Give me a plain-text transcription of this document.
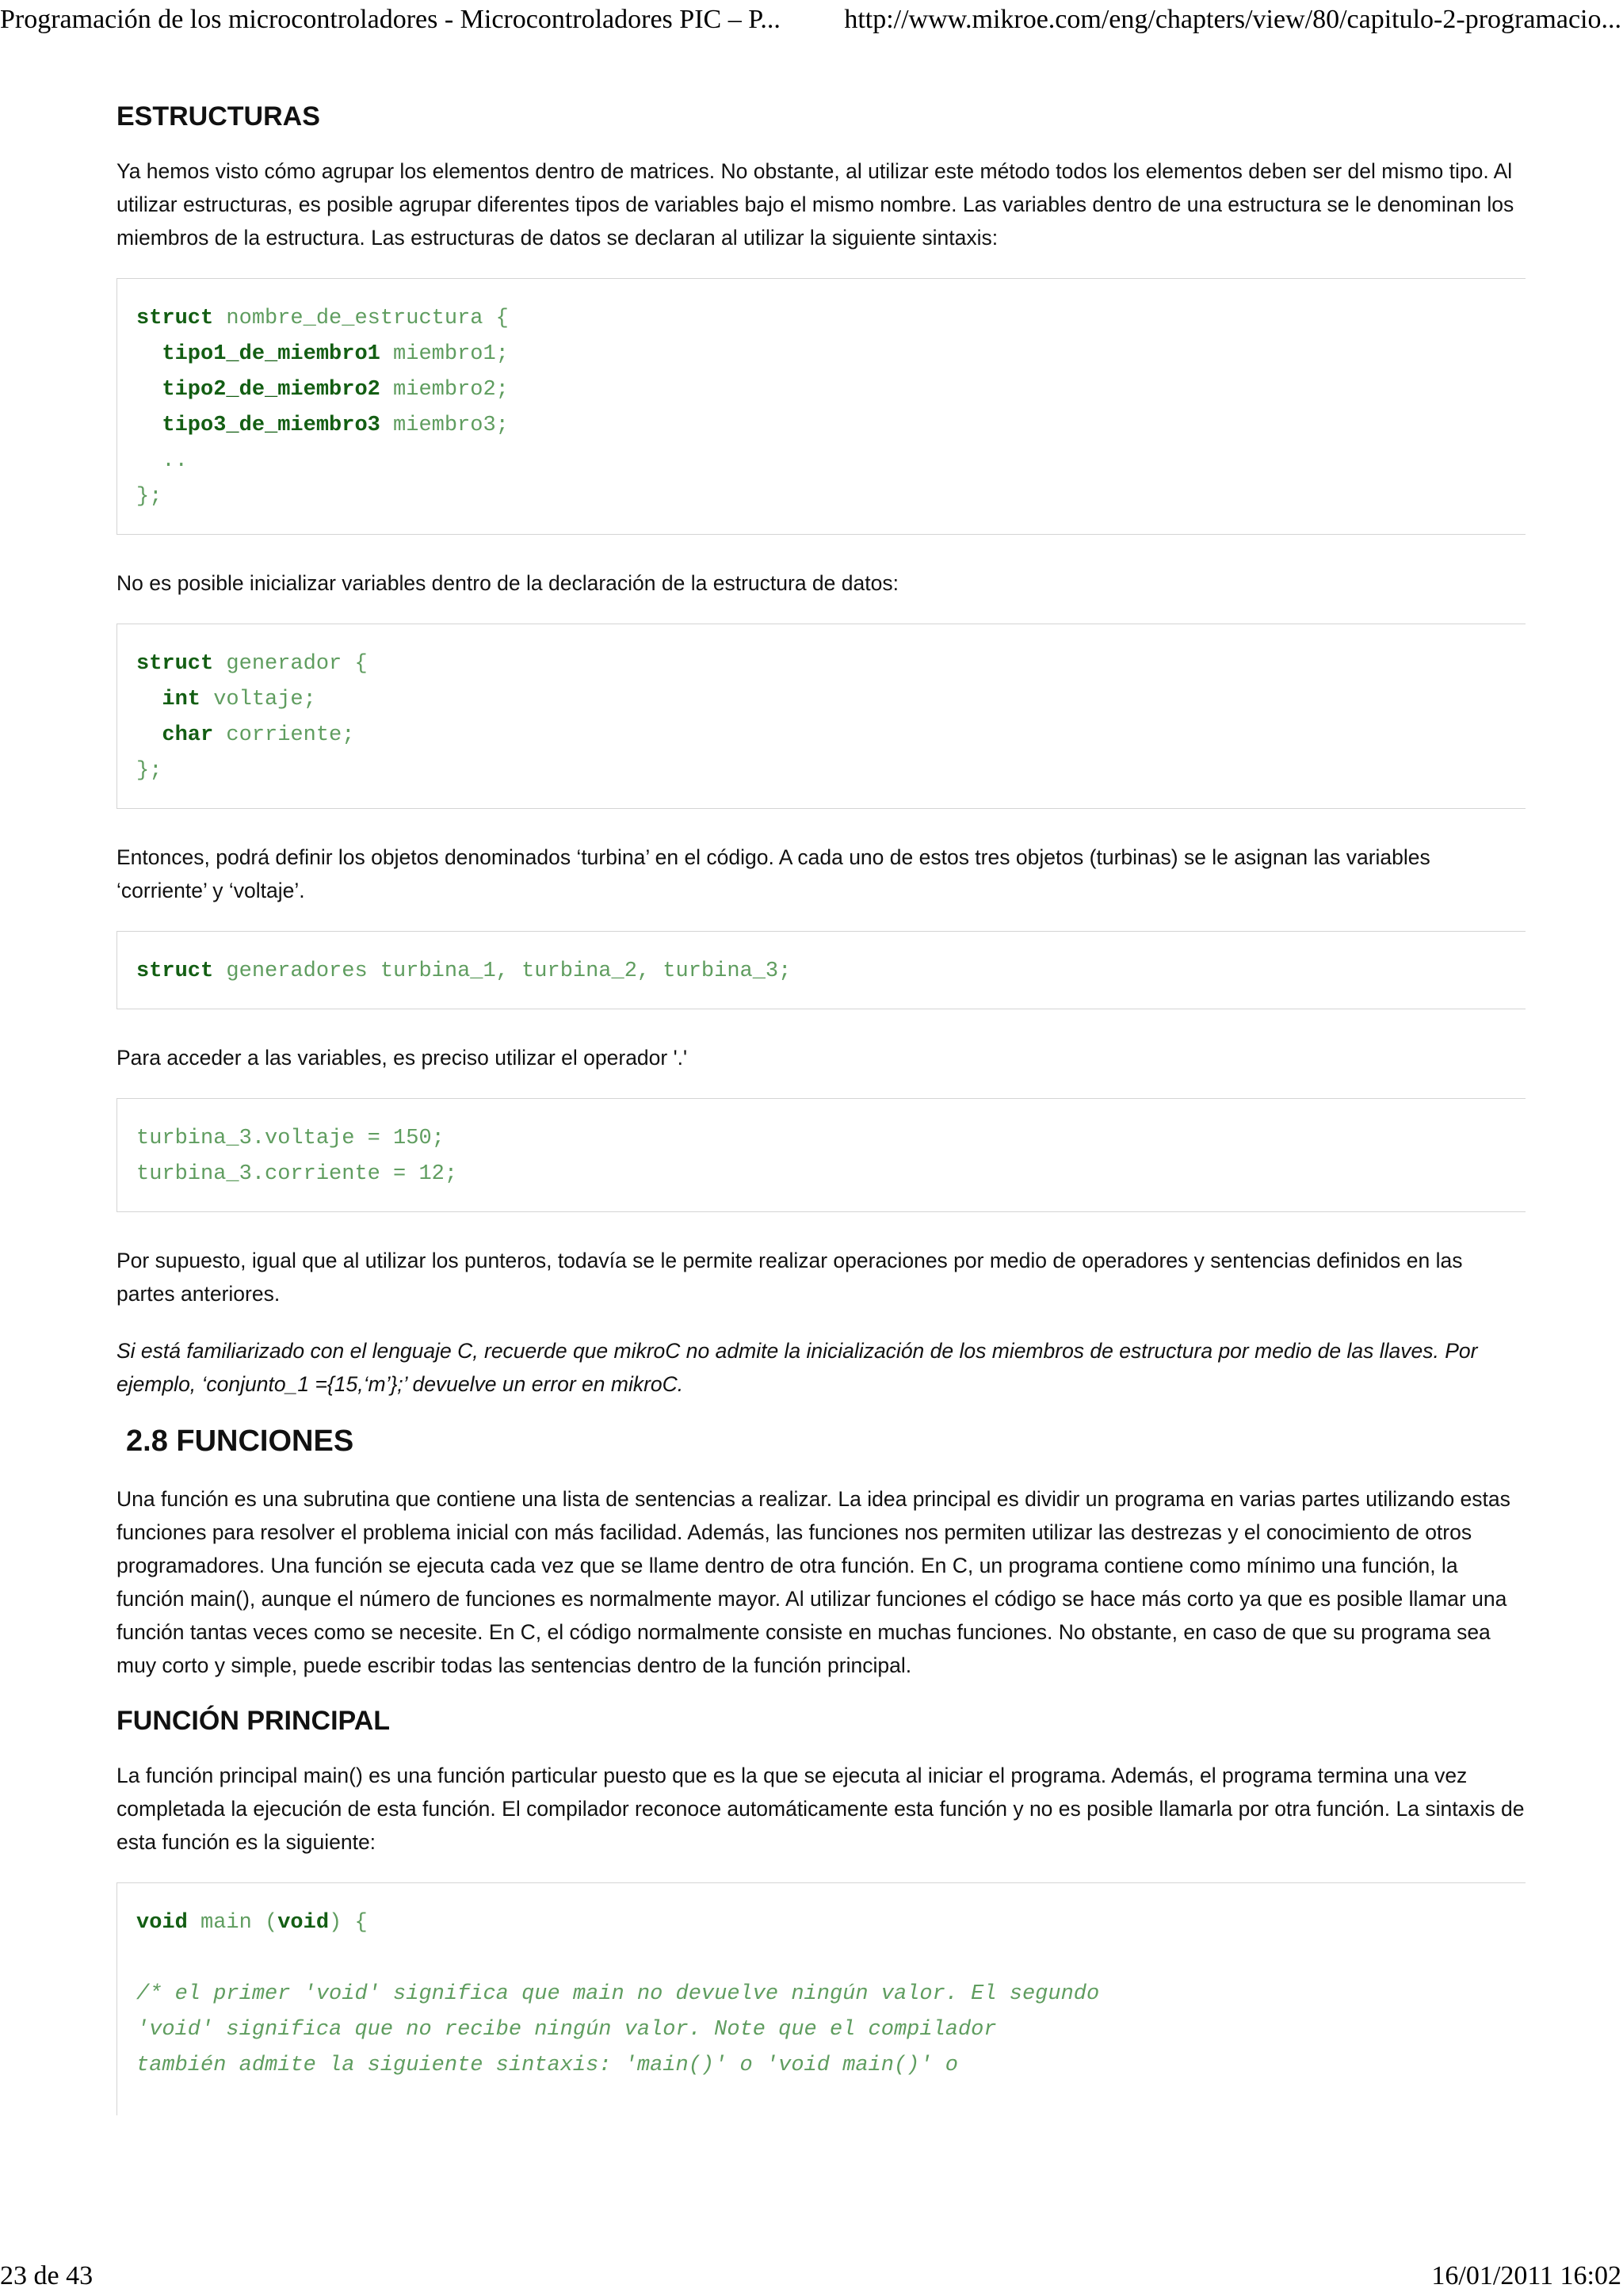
Programación de los microcontroladores - Microcontroladores PIC – P... http://www.mikroe.com/eng/chapters/view/80/capitulo-2-programacio...
ESTRUCTURAS

Ya hemos visto cómo agrupar los elementos dentro de matrices. No obstante, al utilizar este método todos los elementos deben ser del mismo tipo. Al utilizar estructuras, es posible agrupar diferentes tipos de variables bajo el mismo nombre. Las variables dentro de una estructura se le denominan los miembros de la estructura. Las estructuras de datos se declaran al utilizar la siguiente sintaxis:

struct nombre_de_estructura {
tipo1_de_miembro1 miembro1;
tipo2_de_miembro2 miembro2;
tipo3_de_miembro3 miembro3;
..
};

No es posible inicializar variables dentro de la declaración de la estructura de datos:

struct generador {
int voltaje;
char corriente;
};

Entonces, podrá definir los objetos denominados ‘turbina’ en el código. A cada uno de estos tres objetos (turbinas) se le asignan las variables ‘corriente’ y ‘voltaje’.

struct generadores turbina_1, turbina_2, turbina_3;

Para acceder a las variables, es preciso utilizar el operador '.'

turbina_3.voltaje = 150;
turbina_3.corriente = 12;

Por supuesto, igual que al utilizar los punteros, todavía se le permite realizar operaciones por medio de operadores y sentencias definidos en las partes anteriores.

Si está familiarizado con el lenguaje C, recuerde que mikroC no admite la inicialización de los miembros de estructura por medio de las llaves. Por ejemplo, ‘conjunto_1 ={15,‘m’};’ devuelve un error en mikroC.

2.8 FUNCIONES

Una función es una subrutina que contiene una lista de sentencias a realizar. La idea principal es dividir un programa en varias partes utilizando estas funciones para resolver el problema inicial con más facilidad. Además, las funciones nos permiten utilizar las destrezas y el conocimiento de otros programadores. Una función se ejecuta cada vez que se llame dentro de otra función. En C, un programa contiene como mínimo una función, la función main(), aunque el número de funciones es normalmente mayor. Al utilizar funciones el código se hace más corto ya que es posible llamar una función tantas veces como se necesite. En C, el código normalmente consiste en muchas funciones. No obstante, en caso de que su programa sea muy corto y simple, puede escribir todas las sentencias dentro de la función principal.

FUNCIÓN PRINCIPAL

La función principal main() es una función particular puesto que es la que se ejecuta al iniciar el programa. Además, el programa termina una vez completada la ejecución de esta función. El compilador reconoce automáticamente esta función y no es posible llamarla por otra función. La sintaxis de esta función es la siguiente:

void main (void) {

/* el primer 'void' significa que main no devuelve ningún valor. El segundo
'void' significa que no recibe ningún valor. Note que el compilador
también admite la siguiente sintaxis: 'main()' o 'void main()' o
23 de 43	16/01/2011 16:02
